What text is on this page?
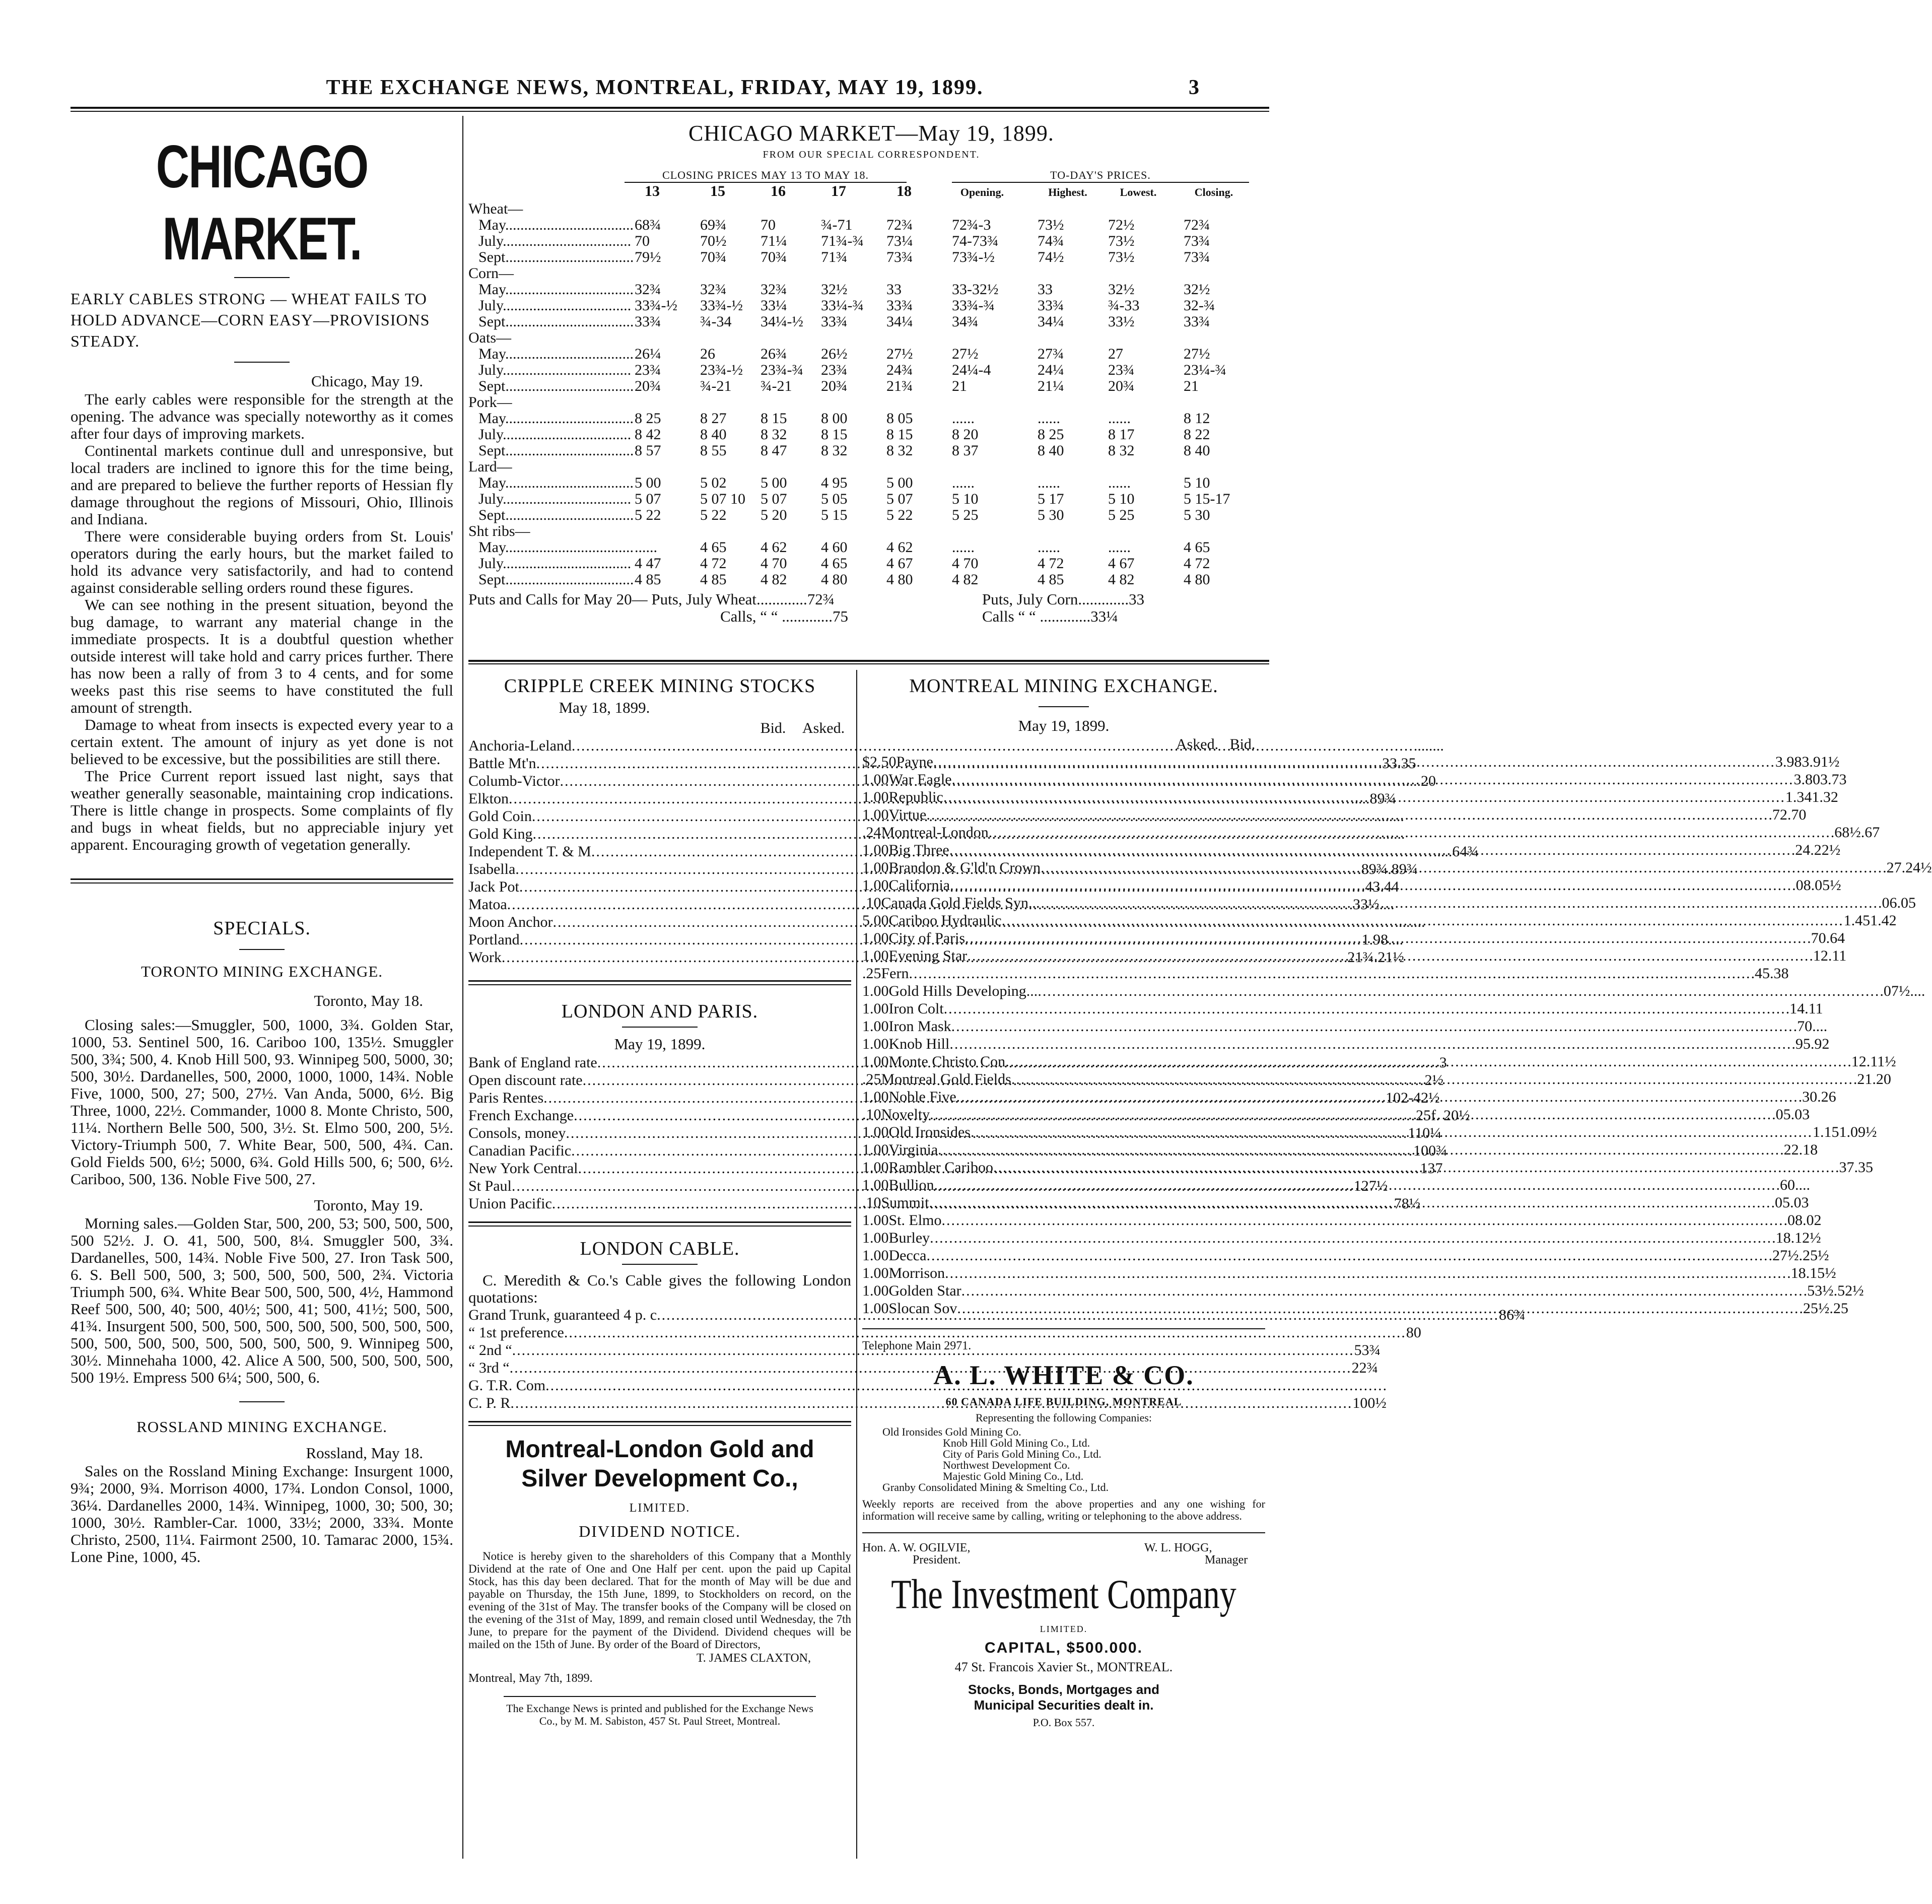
THE EXCHANGE NEWS, MONTREAL, FRIDAY, MAY 19, 1899.	3
CHICAGO MARKET.
EARLY CABLES STRONG — WHEAT FAILS TO HOLD ADVANCE—CORN EASY—PROVISIONS STEADY.
Chicago, May 19.

The early cables were responsible for the strength at the opening. The advance was specially noteworthy as it comes after four days of improving markets.

Continental markets continue dull and unresponsive, but local traders are inclined to ignore this for the time being, and are prepared to believe the further reports of Hessian fly damage throughout the regions of Missouri, Ohio, Illinois and Indiana.

There were considerable buying orders from St. Louis' operators during the early hours, but the market failed to hold its advance very satisfactorily, and had to contend against considerable selling orders round these figures.

We can see nothing in the present situation, beyond the bug damage, to warrant any material change in the immediate prospects. It is a doubtful question whether outside interest will take hold and carry prices further. There has now been a rally of from 3 to 4 cents, and for some weeks past this rise seems to have constituted the full amount of strength.

Damage to wheat from insects is expected every year to a certain extent. The amount of injury as yet done is not believed to be excessive, but the possibilities are still there.

The Price Current report issued last night, says that weather generally seasonable, maintaining crop indications. There is little change in prospects. Some complaints of fly and bugs in wheat fields, but no appreciable injury yet apparent. Encouraging growth of vegetation generally.

SPECIALS.
TORONTO MINING EXCHANGE.
Toronto, May 18.

Closing sales:—Smuggler, 500, 1000, 3¾. Golden Star, 1000, 53. Sentinel 500, 16. Cariboo 100, 135½. Smuggler 500, 3¾; 500, 4. Knob Hill 500, 93. Winnipeg 500, 5000, 30; 500, 30½. Dardanelles, 500, 2000, 1000, 1000, 14¾. Noble Five, 1000, 500, 27; 500, 27½. Van Anda, 5000, 6½. Big Three, 1000, 22½. Commander, 1000 8. Monte Christo, 500, 11¼. Northern Belle 500, 500, 3½. St. Elmo 500, 200, 5½. Victory-Triumph 500, 7. White Bear, 500, 500, 4¾. Can. Gold Fields 500, 6½; 5000, 6¾. Gold Hills 500, 6; 500, 6½. Cariboo, 500, 136. Noble Five 500, 27.

Toronto, May 19.

Morning sales.—Golden Star, 500, 200, 53; 500, 500, 500, 500 52½. J. O. 41, 500, 500, 8¼. Smuggler 500, 3¾. Dardanelles, 500, 14¾. Noble Five 500, 27. Iron Task 500, 6. S. Bell 500, 500, 3; 500, 500, 500, 500, 2¾. Victoria Triumph 500, 6¾. White Bear 500, 500, 500, 4½, Hammond Reef 500, 500, 40; 500, 40½; 500, 41; 500, 41½; 500, 500, 41¾. Insurgent 500, 500, 500, 500, 500, 500, 500, 500, 500, 500, 500, 500, 500, 500, 500, 500, 500, 9. Winnipeg 500, 30½. Minnehaha 1000, 42. Alice A 500, 500, 500, 500, 500, 500 19½. Empress 500 6¼; 500, 500, 6.

ROSSLAND MINING EXCHANGE.
Rossland, May 18.

Sales on the Rossland Mining Exchange: Insurgent 1000, 9¾; 2000, 9¾. Morrison 4000, 17¾. London Consol, 1000, 36¼. Dardanelles 2000, 14¾. Winnipeg, 1000, 30; 500, 30; 1000, 30½. Rambler-Car. 1000, 33½; 2000, 33¾. Monte Christo, 2500, 11¼. Fairmont 2500, 10. Tamarac 2000, 15¾. Lone Pine, 1000, 45.

CHICAGO MARKET—May 19, 1899.
FROM OUR SPECIAL CORRESPONDENT.
CLOSING PRICES MAY 13 TO MAY 18.	TO-DAY'S PRICES.
13	15	16	17	18	Opening.	Highest.	Lowest.	Closing.
Wheat—
May.................................. 68¾	69¾ 70	¾-71 72¾	72¾-3	73½	72½	72¾
July.................................. 70	70½ 71¼ 71¾-¾ 73¼	74-73¾	74¾	73½	73¾
Sept.................................. 79½	70¾ 70¾ 71¾	73¾	73¾-½	74½	73½	73¾
Corn—
May.................................. 32¾	32¾ 32¾ 32½	33	33-32½	33	32½	32½
July.................................. 33¾-½ 33¾-½ 33¼ 33¼-¾ 33¾	33¾-¾	33¾	¾-33	32-¾
Sept.................................. 33¾	¾-34 34¼-½ 33¾	34¼	34¾	34¼	33½	33¾
Oats—
May.................................. 26¼	26	26¾ 26½	27½	27½	27¾	27	27½
July.................................. 23¾	23¾-½ 23¾-¾ 23¾	24¾	24¼-4	24¼	23¾	23¼-¾
Sept.................................. 20¾	¾-21 ¾-21 20¾	21¾	21	21¼	20¾	21
Pork—
May.................................. 8 25	8 27 8 15 8 00	8 05	......	......	......	8 12
July.................................. 8 42	8 40 8 32 8 15	8 15	8 20	8 25	8 17	8 22
Sept.................................. 8 57	8 55 8 47 8 32	8 32	8 37	8 40	8 32	8 40
Lard—
May.................................. 5 00	5 02 5 00 4 95	5 00	......	......	......	5 10
July.................................. 5 07	5 07 10 5 07 5 05	5 07	5 10	5 17	5 10	5 15-17
Sept.................................. 5 22	5 22 5 20 5 15	5 22	5 25	5 30	5 25	5 30
Sht ribs—
May.................................. ......	4 65 4 62 4 60	4 62	......	......	......	4 65
July.................................. 4 47	4 72 4 70 4 65	4 67	4 70	4 72	4 67	4 72
Sept.................................. 4 85	4 85 4 82 4 80	4 80	4 82	4 85	4 82	4 80
Puts and Calls for May 20— Puts, July Wheat.............72¾
Calls, “ “ .............75
Puts, July Corn.............33
Calls “ “ .............33¼
CRIPPLE CREEK MINING STOCKS
May 18, 1899.
Bid.	Asked.
Anchoria-Leland .....	.... ....
Battle Mt'n .....	.33 .35
Columb-Victor .....	.... .20
Elkton .....	.... .89¾
Gold Coin .....	.... ....
Gold King .....	.... ....
Independent T. & M .....	.... .64¾
Isabella .....	.89¾ .89¾
Jack Pot .....	.43 .44
Matoa .....	.33½ ....
Moon Anchor .....	.... ....
Portland .....	1.98 ....
Work .....	.21¾ .21½
LONDON AND PARIS.
May 19, 1899.
Bank of England rate .....	3
Open discount rate .....	2½
Paris Rentes .....	102-42½
French Exchange .....	25f. 20½
Consols, money .....	110¼
Canadian Pacific .....	100¾
New York Central .....	137
St Paul .....	127½
Union Pacific .....	78½
LONDON CABLE.

C. Meredith & Co.'s Cable gives the following London quotations:

Grand Trunk, guaranteed 4 p. c .....	86¾
“ 1st preference .....	80
“ 2nd “ .....	53¾
“ 3rd “ .....	22¾
G. T.R. Com
.....
C. P. R .....	100½
Montreal-London Gold and
Silver Development Co.,
LIMITED.
DIVIDEND NOTICE.

Notice is hereby given to the shareholders of this Company that a Monthly Dividend at the rate of One and One Half per cent. upon the paid up Capital Stock, has this day been declared. That for the month of May will be due and payable on Thursday, the 15th June, 1899, to Stockholders on record, on the evening of the 31st of May. The transfer books of the Company will be closed on the evening of the 31st of May, 1899, and remain closed until Wednesday, the 7th June, to prepare for the payment of the Dividend. Dividend cheques will be mailed on the 15th of June. By order of the Board of Directors,

T. JAMES CLAXTON,
Montreal, May 7th, 1899.
The Exchange News is printed and published for the Exchange News Co., by M. M. Sabiston, 457 St. Paul Street, Montreal.
MONTREAL MINING EXCHANGE.
May 19, 1899.
Asked. Bid.
$2.50 Payne .....	3.98 3.91½
1.00 War Eagle .....	3.80 3.73
1.00 Republic .....	1.34 1.32
1.00 Virtue .....	.72 .70
.24 Montreal-London .....	.68½ .67
1.00 Big Three .....	.24 .22½
1.00 Brandon & G'ld'n Crown .....	.27 .24½
1.00 California .....	.08 .05½
.10 Canada Gold Fields Syn.. .....	.06 .05
5.00 Cariboo Hydraulic .....	1.45 1.42
1.00 City of Paris .....	.70 .64
1.00 Evening Star .....	.12 .11
.25 Fern .....	.45 .38
1.00 Gold Hills Developing... .....	.07½ ....
1.00 Iron Colt .....	.14 .11
1.00 Iron Mask .....	.70 ....
1.00 Knob Hill .....	.95 .92
1.00 Monte Christo Con .....	.12 .11½
.25 Montreal Gold Fields .....	.21 .20
1.00 Noble Five .....	.30 .26
.10 Novelty .....	.05 .03
1.00 Old Ironsides .....	1.15 1.09½
1.00 Virginia .....	.22 .18
1.00 Rambler Cariboo .....	.37 .35
1.00 Bullion .....	.60 ....
.10 Summit .....	.05 .03
1.00 St. Elmo .....	.08 .02
1.00 Burley .....	.18 .12½
1.00 Decca .....	.27½ .25½
1.00 Morrison .....	.18 .15½
1.00 Golden Star .....	.53½ .52½
1.00 Slocan Sov .....	.25½ .25
Telephone Main 2971.
A. L. WHITE & CO.
60 CANADA LIFE BUILDING, MONTREAL
Representing the following Companies:
Old Ironsides Gold Mining Co.
Knob Hill Gold Mining Co., Ltd.
City of Paris Gold Mining Co., Ltd.
Northwest Development Co.
Majestic Gold Mining Co., Ltd.
Granby Consolidated Mining & Smelting Co., Ltd.
Weekly reports are received from the above properties and any one wishing for information will receive same by calling, writing or telephoning to the above address.
Hon. A. W. OGILVIE,
President.
W. L. HOGG,
Manager
The Investment Company
LIMITED.
CAPITAL, $500.000.
47 St. Francois Xavier St., MONTREAL.
Stocks, Bonds, Mortgages and
Municipal Securities dealt in.
P.O. Box 557.
